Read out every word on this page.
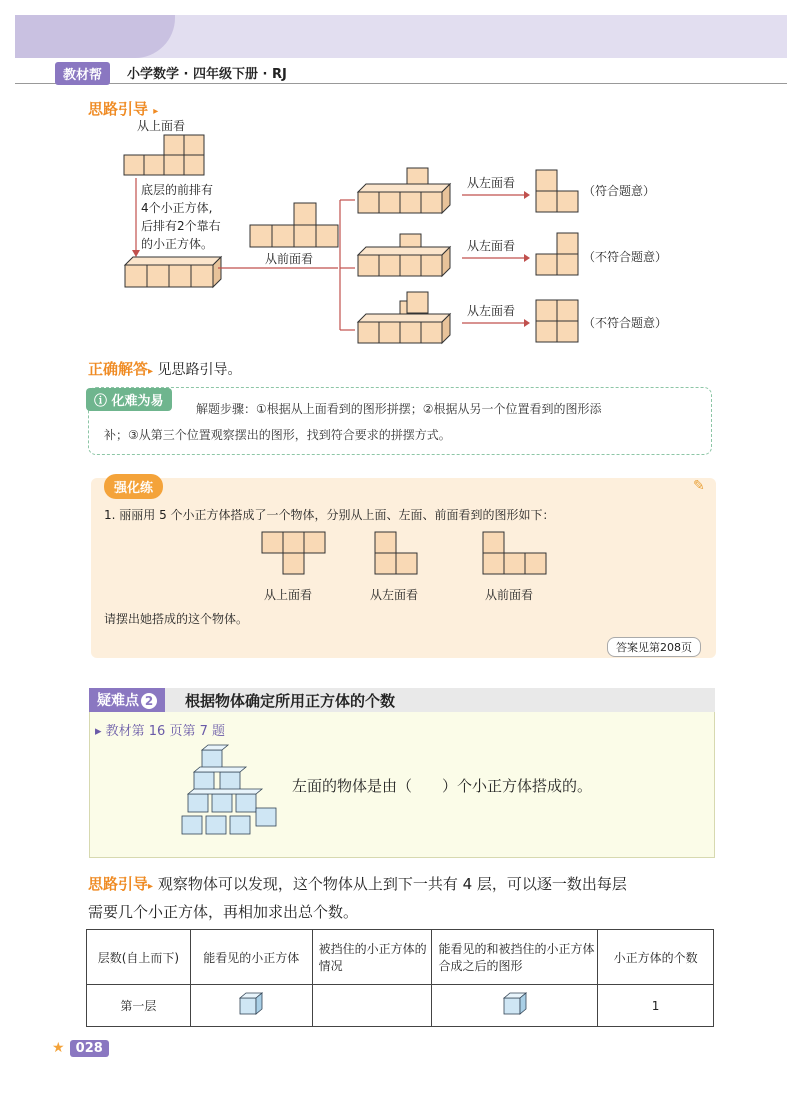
教材帮	小学数学 · 四年级下册 · RJ
思路引导 ▸
从上面看
底层的前排有
4个小正方体,
后排有2个靠右
的小正方体。
从前面看
从左面看
（符合题意）
从左面看
（不符合题意）
从左面看
（不符合题意）
正确解答▸ 见思路引导。
ⓘ 化难为易	解题步骤：①根据从上面看到的图形拼摆；②根据从另一个位置看到的图形添
补；③从第三个位置观察摆出的图形，找到符合要求的拼摆方式。
强化练	✎
1. 丽丽用 5 个小正方体搭成了一个物体，分别从上面、左面、前面看到的图形如下：
从上面看	从左面看	从前面看
请摆出她搭成的这个物体。
答案见第208页
疑难点 2	根据物体确定所用正方体的个数
▸ 教材第 16 页第 7 题
左面的物体是由（　　）个小正方体搭成的。
思路引导▸ 观察物体可以发现，这个物体从上到下一共有 4 层，可以逐一数出每层
需要几个小正方体，再相加求出总个数。
层数(自上而下)	能看见的小正方体	被挡住的小正方体的情况	能看见的和被挡住的小正方体合成之后的图形	小正方体的个数
第一层				1
★ 028
